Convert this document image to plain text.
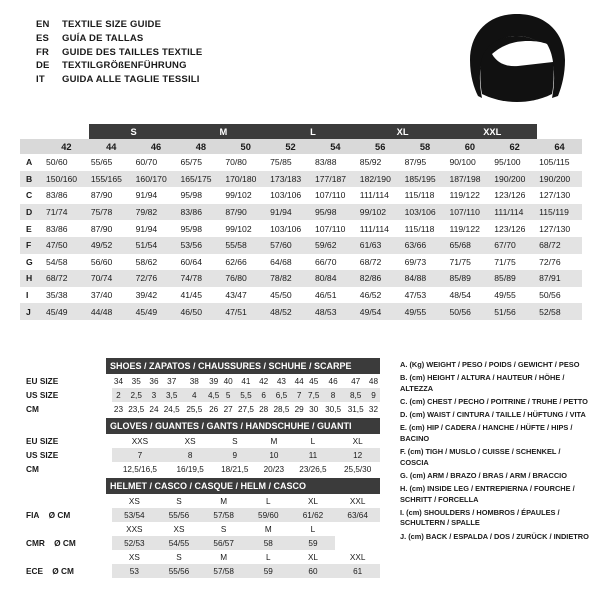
EN	TEXTILE SIZE GUIDE
ES	GUÍA DE TALLAS
FR	GUIDE DES TAILLES TEXTILE
DE	TEXTILGRÖßENFÜHRUNG
IT	GUIDA ALLE TAGLIE TESSILI
		S		M		L		XL		XXL		
	42	44	46	48	50	52	54	56	58	60	62	64
A	50/60	55/65	60/70	65/75	70/80	75/85	83/88	85/92	87/95	90/100	95/100	105/115
B	150/160	155/165	160/170	165/175	170/180	173/183	177/187	182/190	185/195	187/198	190/200	190/200
C	83/86	87/90	91/94	95/98	99/102	103/106	107/110	111/114	115/118	119/122	123/126	127/130
D	71/74	75/78	79/82	83/86	87/90	91/94	95/98	99/102	103/106	107/110	111/114	115/119
E	83/86	87/90	91/94	95/98	99/102	103/106	107/110	111/114	115/118	119/122	123/126	127/130
F	47/50	49/52	51/54	53/56	55/58	57/60	59/62	61/63	63/66	65/68	67/70	68/72
G	54/58	56/60	58/62	60/64	62/66	64/68	66/70	68/72	69/73	71/75	71/75	72/76
H	68/72	70/74	72/76	74/78	76/80	78/82	80/84	82/86	84/88	85/89	85/89	87/91
I	35/38	37/40	39/42	41/45	43/47	45/50	46/51	46/52	47/53	48/54	49/55	50/56
J	45/49	44/48	45/49	46/50	47/51	48/52	48/53	49/54	49/55	50/56	51/56	52/58
SHOES / ZAPATOS / CHAUSSURES / SCHUHE / SCARPE
EU SIZE	34	35	36	37	38	39	40	41	42	43	44	45	46	47	48
US SIZE	2	2,5	3	3,5	4	4,5	5	5,5	6	6,5	7	7,5	8	8,5	9
CM	23	23,5	24	24,5	25,5	26	27	27,5	28	28,5	29	30	30,5	31,5	32
GLOVES / GUANTES / GANTS / HANDSCHUHE / GUANTI
EU SIZE	XXS	XS	S	M	L	XL
US SIZE	7	8	9	10	11	12
CM	12,5/16,5	16/19,5	18/21,5	20/23	23/26,5	25,5/30
HELMET / CASCO / CASQUE / HELM / CASCO
	XS	S	M	L	XL	XXL
FIA    Ø CM	53/54	55/56	57/58	59/60	61/62	63/64
	XXS	XS	S	M	L	
CMR    Ø CM	52/53	54/55	56/57	58	59	
	XS	S	M	L	XL	XXL
ECE    Ø CM	53	55/56	57/58	59	60	61
A. (Kg) WEIGHT / PESO / POIDS / GEWICHT / PESO
B. (cm) HEIGHT / ALTURA / HAUTEUR / HÖHE / ALTEZZA
C. (cm) CHEST / PECHO / POITRINE / TRUHE / PETTO
D. (cm) WAIST / CINTURA / TAILLE / HÜFTUNG / VITA
E. (cm) HIP / CADERA / HANCHE / HÜFTE / HIPS / BACINO
F. (cm) TIGH / MUSLO / CUISSE / SCHENKEL / COSCIA
G. (cm) ARM / BRAZO / BRAS / ARM / BRACCIO
H. (cm) INSIDE LEG / ENTREPIERNA / FOURCHE / SCHRITT / FORCELLA
I. (cm) SHOULDERS / HOMBROS / ÉPAULES / SCHULTERN / SPALLE
J. (cm) BACK / ESPALDA / DOS / ZURÜCK / INDIETRO
